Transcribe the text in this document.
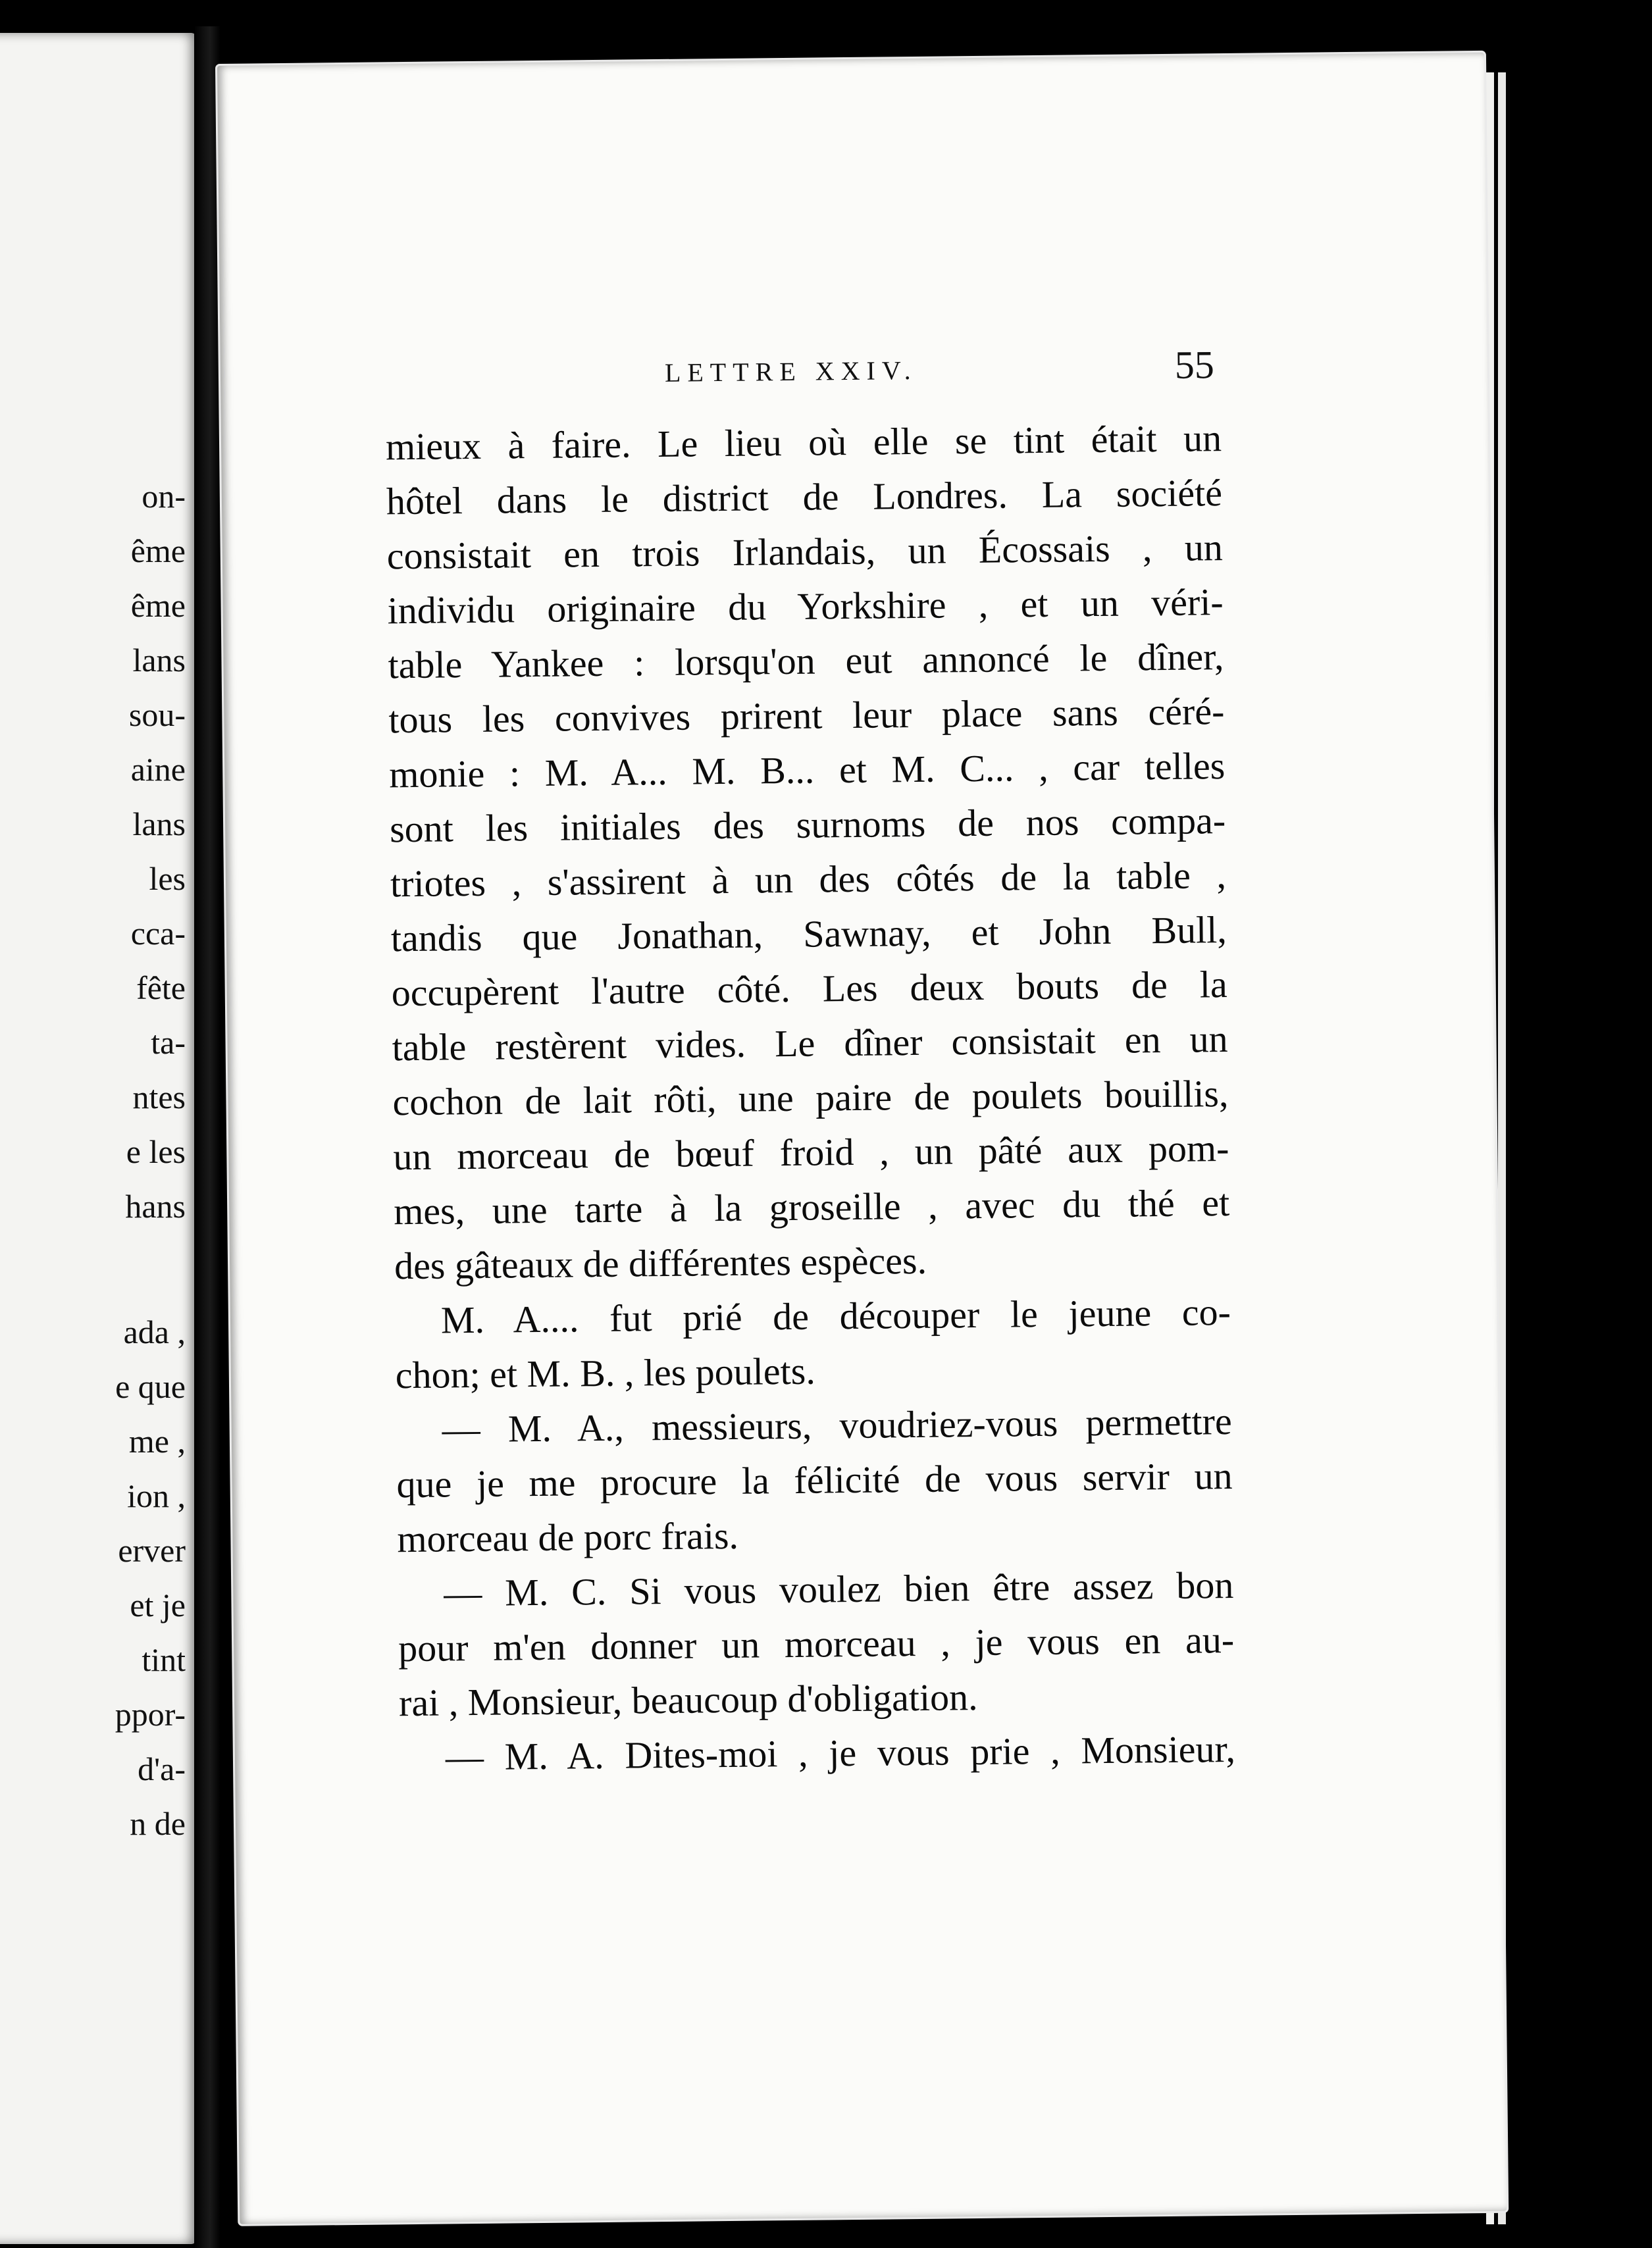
on-
ême
ême
lans
sou-
aine
lans
les
cca-
fête
ta-
ntes
e les
hans
ada ,
e que
me ,
ion ,
erver
et je
tint
ppor-
d'a-
n de
LETTRE XXIV.	55
mieux à faire. Le lieu où elle se tint était un
hôtel dans le district de Londres. La société
consistait en trois Irlandais, un Écossais , un
individu originaire du Yorkshire , et un véri-
table Yankee : lorsqu'on eut annoncé le dîner,
tous les convives prirent leur place sans céré-
monie : M. A... M. B... et M. C... , car telles
sont les initiales des surnoms de nos compa-
triotes , s'assirent à un des côtés de la table ,
tandis que Jonathan, Sawnay, et John Bull,
occupèrent l'autre côté. Les deux bouts de la
table restèrent vides. Le dîner consistait en un
cochon de lait rôti, une paire de poulets bouillis,
un morceau de bœuf froid , un pâté aux pom-
mes, une tarte à la groseille , avec du thé et
des gâteaux de différentes espèces.
M. A.... fut prié de découper le jeune co-
chon; et M. B. , les poulets.
— M. A., messieurs, voudriez-vous permettre
que je me procure la félicité de vous servir un
morceau de porc frais.
— M. C. Si vous voulez bien être assez bon
pour m'en donner un morceau , je vous en au-
rai , Monsieur, beaucoup d'obligation.
— M. A. Dites-moi , je vous prie , Monsieur,
